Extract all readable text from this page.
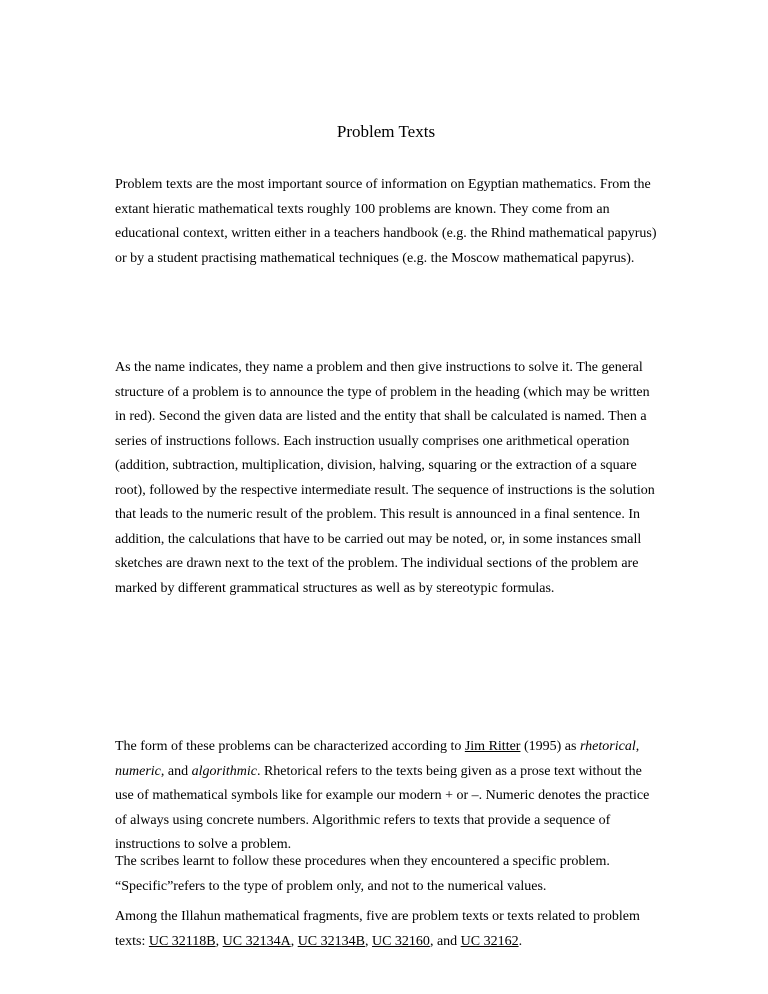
Problem Texts

Problem texts are the most important source of information on Egyptian mathematics. From the extant hieratic mathematical texts roughly 100 problems are known. They come from an educational context, written either in a teachers handbook (e.g. the Rhind mathematical papyrus) or by a student practising mathematical techniques (e.g. the Moscow mathematical papyrus).

As the name indicates, they name a problem and then give instructions to solve it. The general structure of a problem is to announce the type of problem in the heading (which may be written in red). Second the given data are listed and the entity that shall be calculated is named. Then a series of instructions follows. Each instruction usually comprises one arithmetical operation (addition, subtraction, multiplication, division, halving, squaring or the extraction of a square root), followed by the respective intermediate result. The sequence of instructions is the solution that leads to the numeric result of the problem. This result is announced in a final sentence. In addition, the calculations that have to be carried out may be noted, or, in some instances small sketches are drawn next to the text of the problem. The individual sections of the problem are marked by different grammatical structures as well as by stereotypic formulas.

The form of these problems can be characterized according to Jim Ritter (1995) as rhetorical, numeric, and algorithmic. Rhetorical refers to the texts being given as a prose text without the use of mathematical symbols like for example our modern + or –. Numeric denotes the practice of always using concrete numbers. Algorithmic refers to texts that provide a sequence of instructions to solve a problem.

The scribes learnt to follow these procedures when they encountered a specific problem. “Specific”refers to the type of problem only, and not to the numerical values.

Among the Illahun mathematical fragments, five are problem texts or texts related to problem texts: UC 32118B, UC 32134A, UC 32134B, UC 32160, and UC 32162.
